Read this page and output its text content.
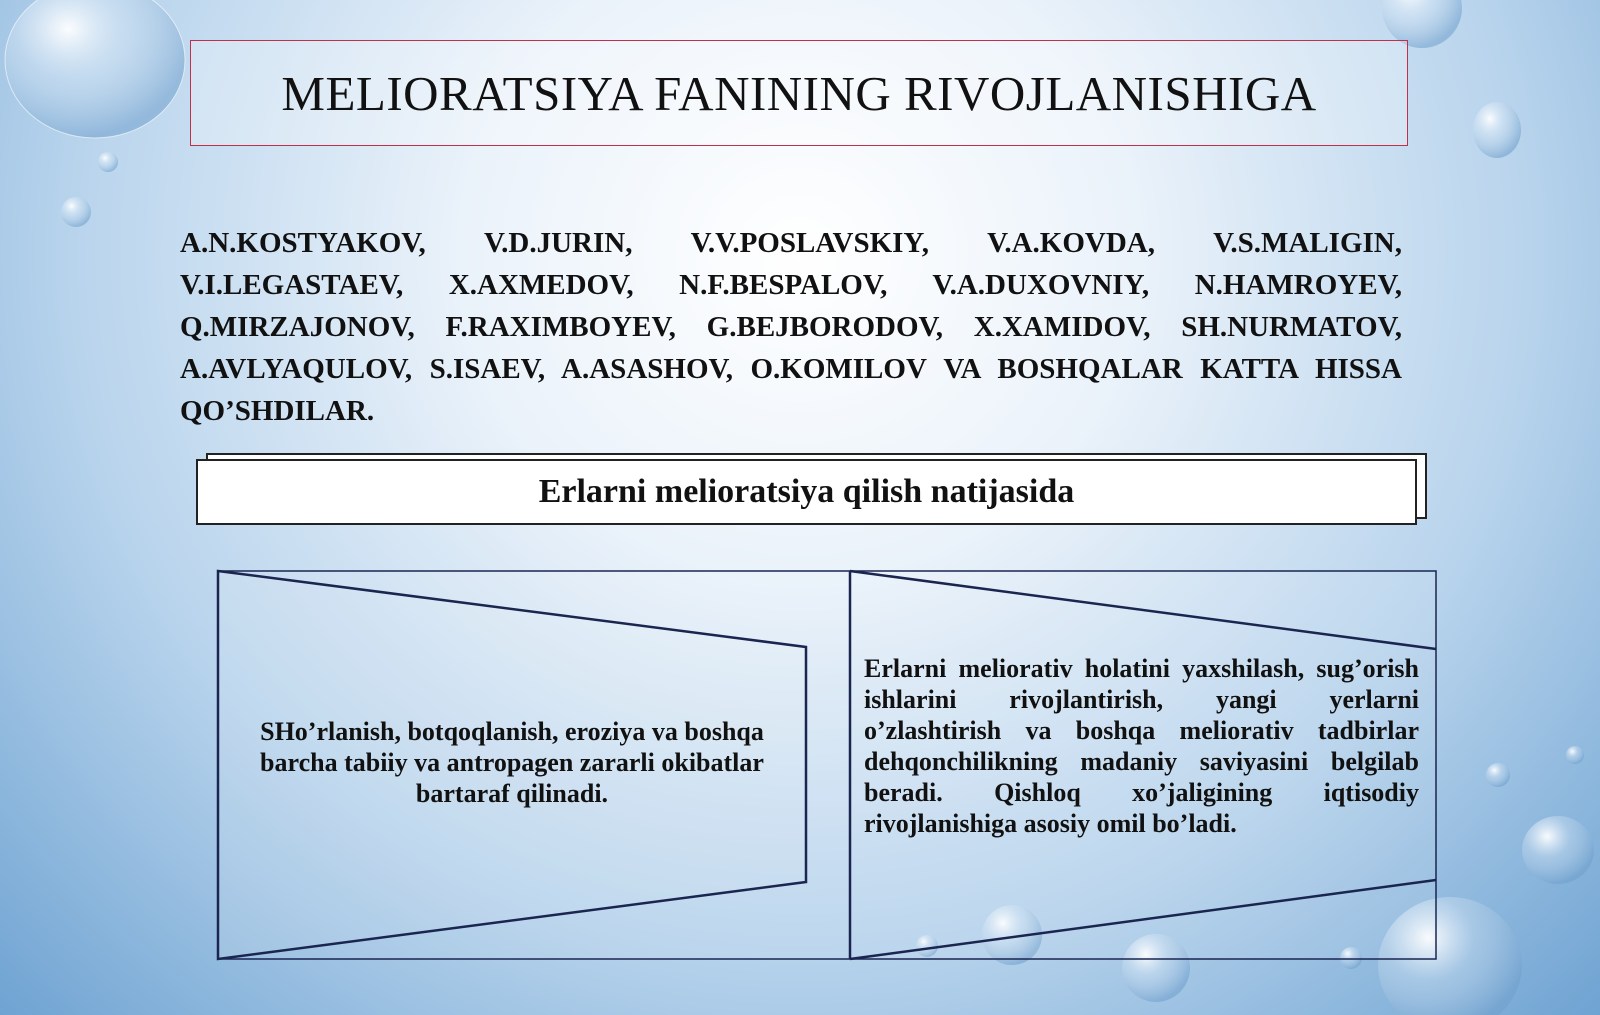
MELIORATSIYA FANINING RIVOJLANISHIGA
A.N.KOSTYAKOV, V.D.JURIN, V.V.POSLAVSKIY, V.A.KOVDA, V.S.MALIGIN, V.I.LEGASTAEV, X.AXMEDOV, N.F.BESPALOV, V.A.DUXOVNIY, N.HAMROYEV, Q.MIRZAJONOV, F.RAXIMBOYEV, G.BEJBORODOV, X.XAMIDOV, SH.NURMATOV, A.AVLYAQULOV, S.ISAEV, A.ASASHOV, O.KOMILOV VA BOSHQALAR KATTA HISSA QO’SHDILAR.
Erlarni melioratsiya qilish natijasida
SHo’rlanish, botqoqlanish, eroziya va boshqa barcha tabiiy va antropagen zararli okibatlar bartaraf qilinadi.
Erlarni meliorativ holatini yaxshilash, sug’orish ishlarini rivojlantirish, yangi yerlarni o’zlashtirish va boshqa meliorativ tadbirlar dehqonchilikning madaniy saviyasini belgilab beradi. Qishloq xo’jaligining iqtisodiy rivojlanishiga asosiy omil bo’ladi.
